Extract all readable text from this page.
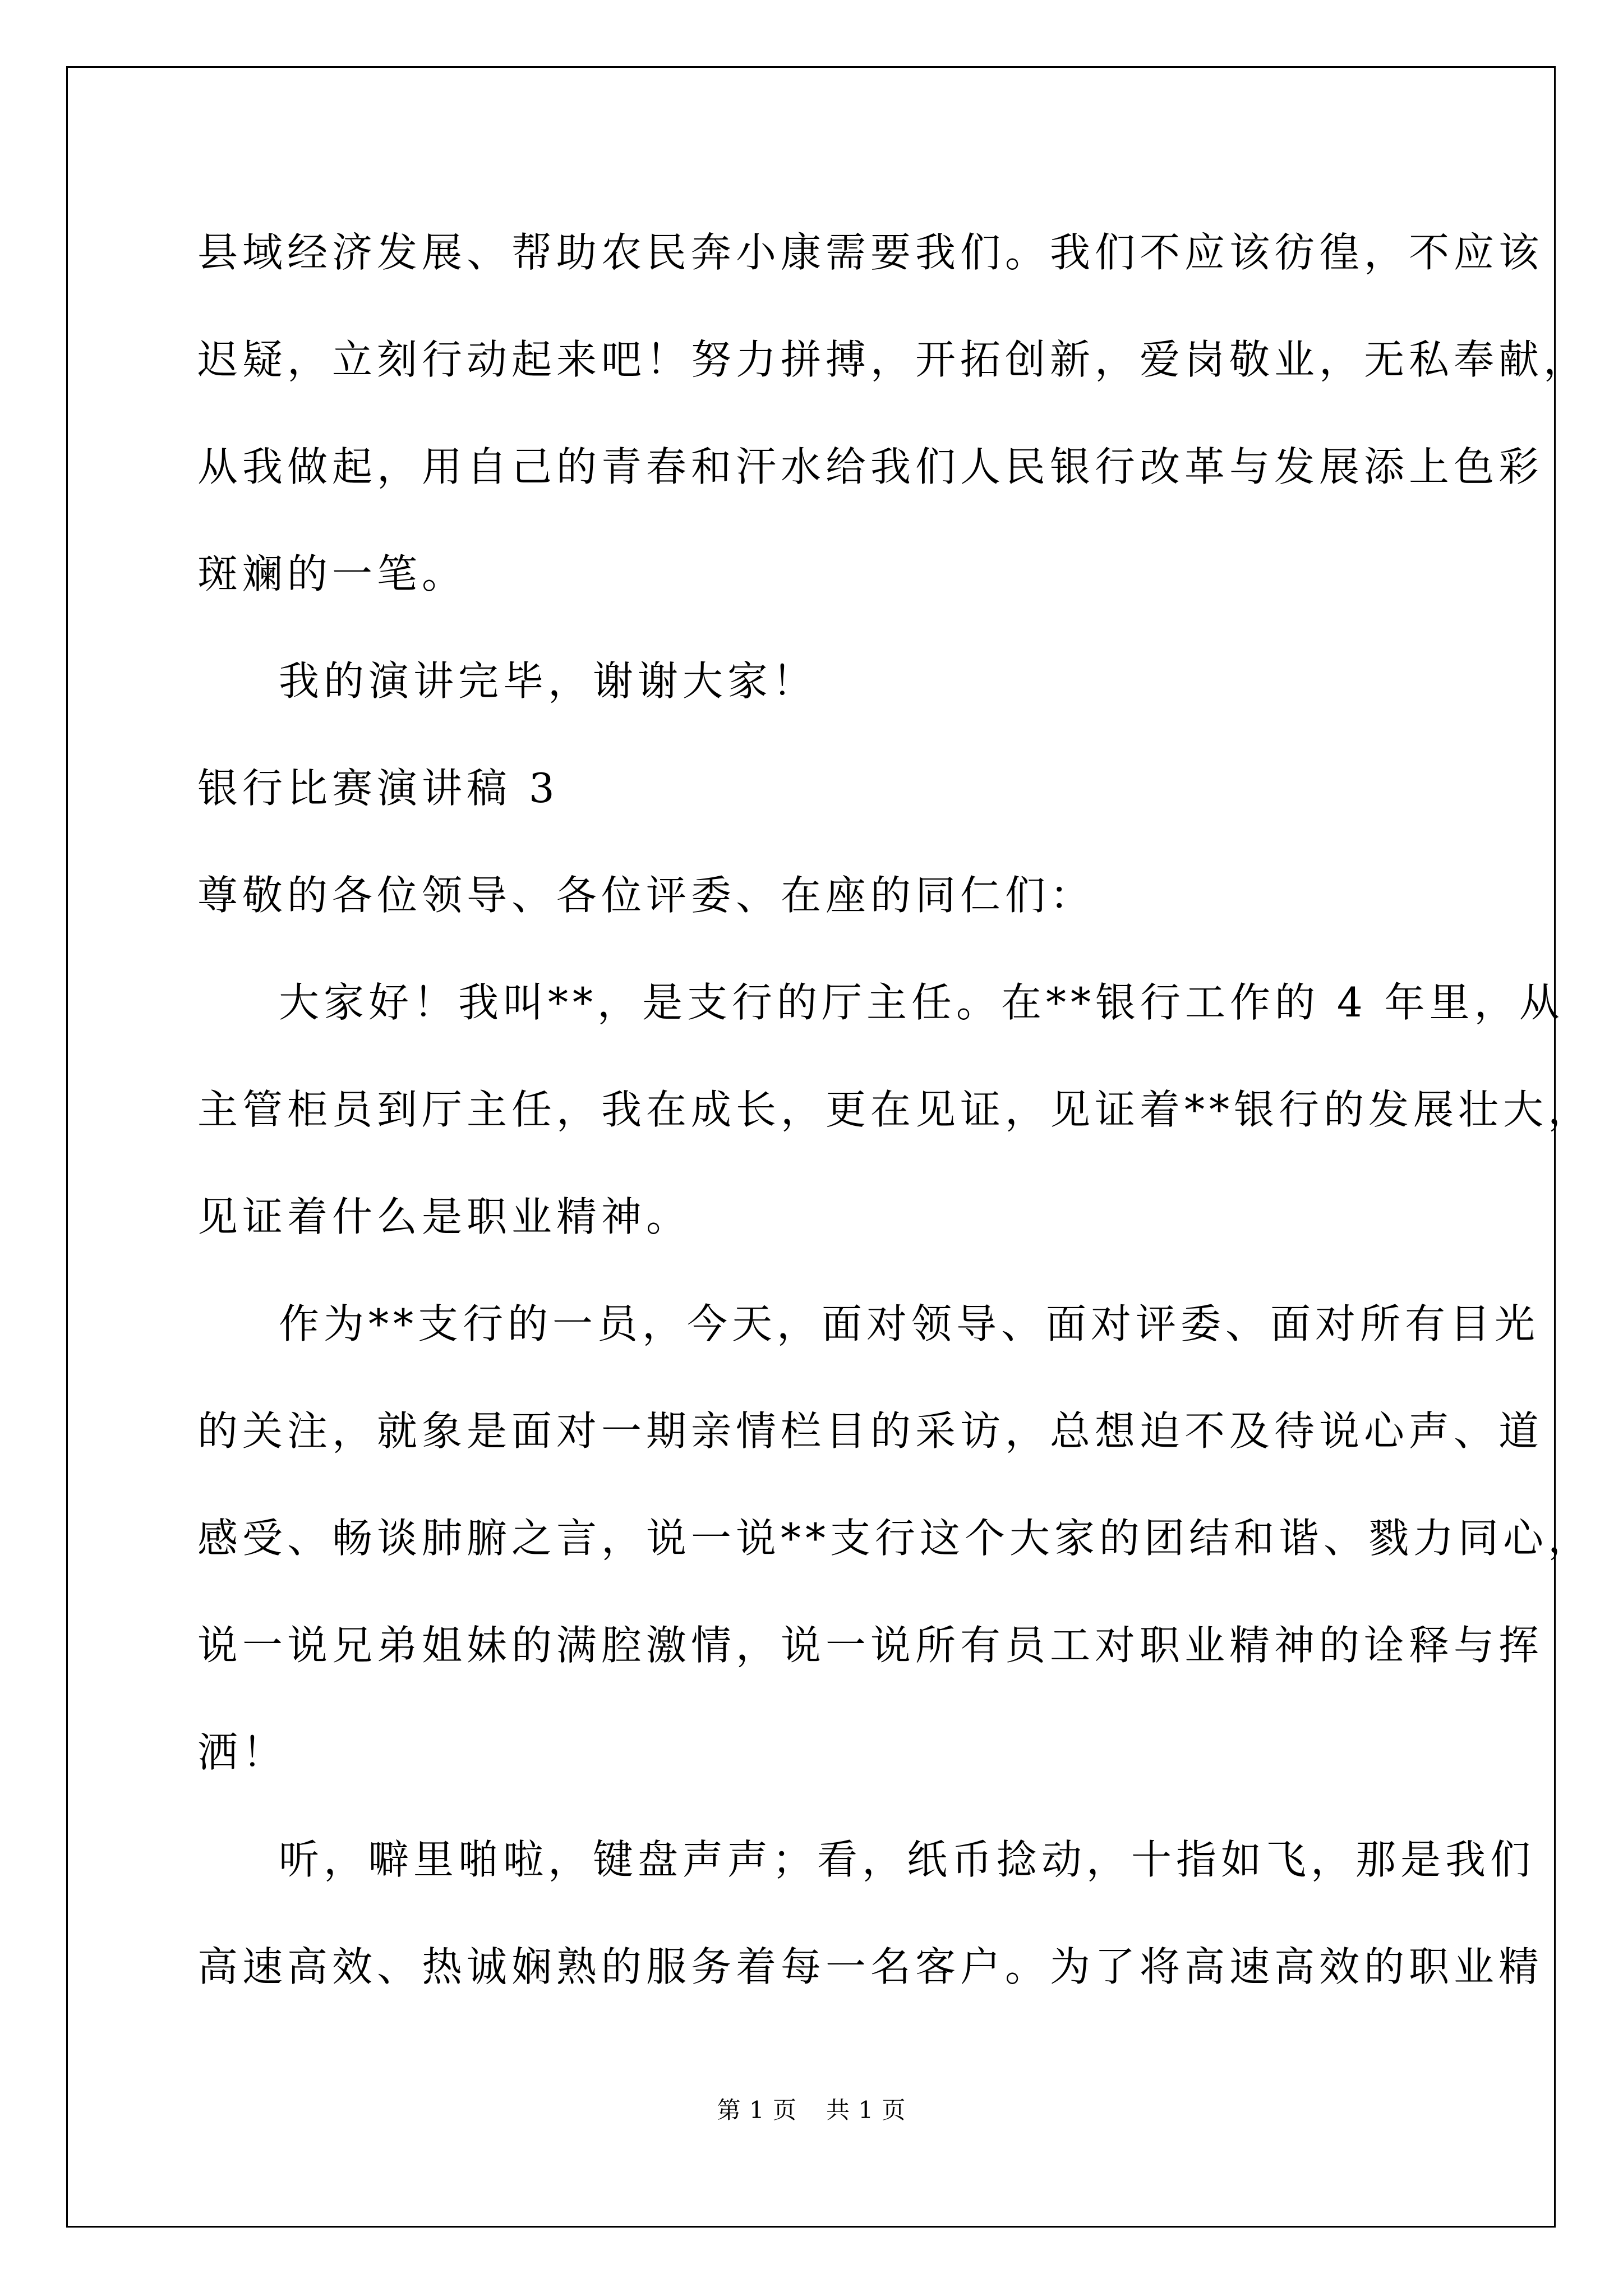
县域经济发展、帮助农民奔小康需要我们。我们不应该彷徨，不应该
迟疑，立刻行动起来吧！努力拼搏，开拓创新，爱岗敬业，无私奉献，
从我做起，用自己的青春和汗水给我们人民银行改革与发展添上色彩
斑斓的一笔。
我的演讲完毕，谢谢大家！
银行比赛演讲稿 3
尊敬的各位领导、各位评委、在座的同仁们：
大家好！我叫**，是支行的厅主任。在**银行工作的 4 年里，从
主管柜员到厅主任，我在成长，更在见证，见证着**银行的发展壮大，
见证着什么是职业精神。
作为**支行的一员，今天，面对领导、面对评委、面对所有目光
的关注，就象是面对一期亲情栏目的采访，总想迫不及待说心声、道
感受、畅谈肺腑之言，说一说**支行这个大家的团结和谐、戮力同心，
说一说兄弟姐妹的满腔激情，说一说所有员工对职业精神的诠释与挥
洒！
听，噼里啪啦，键盘声声；看，纸币捻动，十指如飞，那是我们
高速高效、热诚娴熟的服务着每一名客户。为了将高速高效的职业精
第 1 页 共 1 页
